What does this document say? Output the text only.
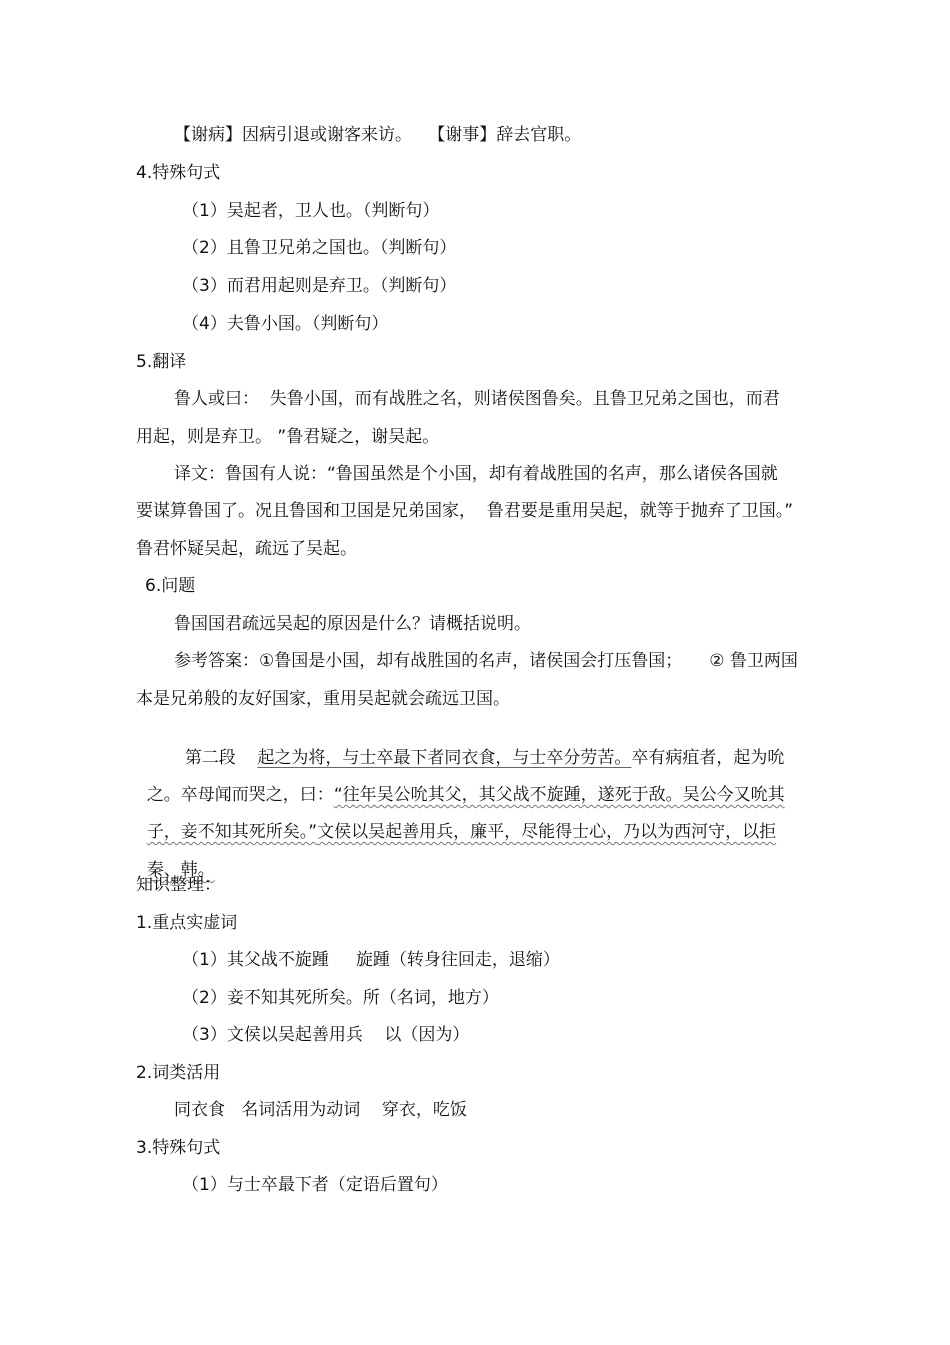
【谢病】因病引退或谢客来访。   【谢事】辞去官职。
4.特殊句式
（1）吴起者，卫人也。（判断句）
（2）且鲁卫兄弟之国也。（判断句）
（3）而君用起则是弃卫。（判断句）
（4）夫鲁小国。（判断句）
5.翻译
鲁人或曰：  失鲁小国，而有战胜之名，则诸侯图鲁矣。且鲁卫兄弟之国也，而君
用起，则是弃卫。 ”鲁君疑之，谢吴起。
译文：鲁国有人说：“鲁国虽然是个小国，却有着战胜国的名声，那么诸侯各国就
要谋算鲁国了。况且鲁国和卫国是兄弟国家，  鲁君要是重用吴起，就等于抛弃了卫国。”
鲁君怀疑吴起，疏远了吴起。
6.问题
鲁国国君疏远吴起的原因是什么？请概括说明。
参考答案：①鲁国是小国，却有战胜国的名声，诸侯国会打压鲁国；     ② 鲁卫两国
本是兄弟般的友好国家，重用吴起就会疏远卫国。

第二段 起之为将，与士卒最下者同衣食，与士卒分劳苦。卒有病疽者，起为吮

之。卒母闻而哭之，曰：“往年吴公吮其父，其父战不旋踵，遂死于敌。吴公今又吮其

子，妾不知其死所矣。”文侯以吴起善用兵，廉平，尽能得士心，乃以为西河守，以拒

秦、韩。

知识整理：
1.重点实虚词
（1）其父战不旋踵     旋踵（转身往回走，退缩）
（2）妾不知其死所矣。所（名词，地方）
（3）文侯以吴起善用兵    以（因为）
2.词类活用
同衣食   名词活用为动词    穿衣，吃饭
3.特殊句式
（1）与士卒最下者（定语后置句）
